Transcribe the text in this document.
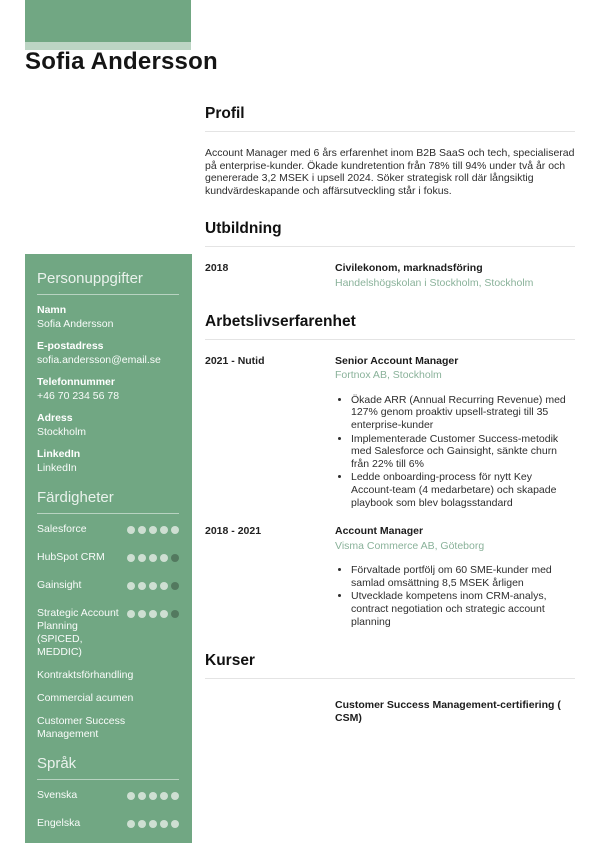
Sofia Andersson
Personuppgifter
Namn
Sofia Andersson
E-postadress
sofia.andersson@email.se
Telefonnummer
+46 70 234 56 78
Adress
Stockholm
LinkedIn
LinkedIn
Färdigheter
Salesforce
HubSpot CRM
Gainsight
Strategic Account Planning (SPICED, MEDDIC)
Kontraktsförhandling
Commercial acumen
Customer Success Management
Språk
Svenska
Engelska
Profil

Account Manager med 6 års erfarenhet inom B2B SaaS och tech, specialiserad på enterprise-kunder. Ökade kundretention från 78% till 94% under två år och genererade 3,2 MSEK i upsell 2024. Söker strategisk roll där långsiktig kundvärdeskapande och affärsutveckling står i fokus.

Utbildning
2018	Civilekonom, marknadsföring
Handelshögskolan i Stockholm, Stockholm
Arbetslivserfarenhet
2021 - Nutid	Senior Account Manager
Fortnox AB, Stockholm
• Ökade ARR (Annual Recurring Revenue) med 127% genom proaktiv upsell-strategi till 35 enterprise-kunder
• Implementerade Customer Success-metodik med Salesforce och Gainsight, sänkte churn från 22% till 6%
• Ledde onboarding-process för nytt Key Account-team (4 medarbetare) och skapade playbook som blev bolagsstandard
2018 - 2021	Account Manager
Visma Commerce AB, Göteborg
• Förvaltade portfölj om 60 SME-kunder med samlad omsättning 8,5 MSEK årligen
• Utvecklade kompetens inom CRM-analys, contract negotiation och strategic account planning
Kurser
Customer Success Management-certifiering ( CSM)
